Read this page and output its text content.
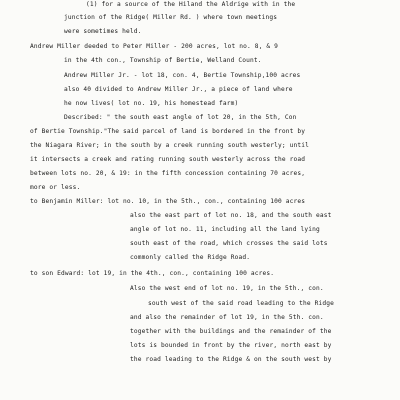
(1) for a source of the Hiland the Aldrige with in the
junction of the Ridge( Miller Rd. ) where town meetings
were sometimes held.
Andrew Miller deeded to Peter Miller - 200 acres, lot no. 8, & 9
in the 4th con., Township of Bertie, Welland Count.
Andrew Miller Jr. - lot 18, con. 4, Bertie Township,100 acres
also 40 divided to Andrew Miller Jr., a piece of land where
he now lives( lot no. 19, his homestead farm)
Described: " the south east angle of lot 20, in the 5th, Con
of Bertie Township."The said parcel of land is bordered in the front by
the Niagara River; in the south by a creek running south westerly; until
it intersects a creek and rating running south westerly across the road
between lots no. 20, & 19: in the fifth concession containing 70 acres,
more or less.
to Benjamin Miller: lot no. 10, in the 5th., con., containing 100 acres
also the east part of lot no. 18, and the south east
angle of lot no. 11, including all the land lying
south east of the road, which crosses the said lots
commonly called the Ridge Road.
to son Edward: lot 19, in the 4th., con., containing 100 acres.
Also the west end of lot no. 19, in the 5th., con.
south west of the said road leading to the Ridge
and also the remainder of lot 19, in the 5th. con.
together with the buildings and the remainder of the
lots is bounded in front by the river, north east by
the road leading to the Ridge & on the south west by
